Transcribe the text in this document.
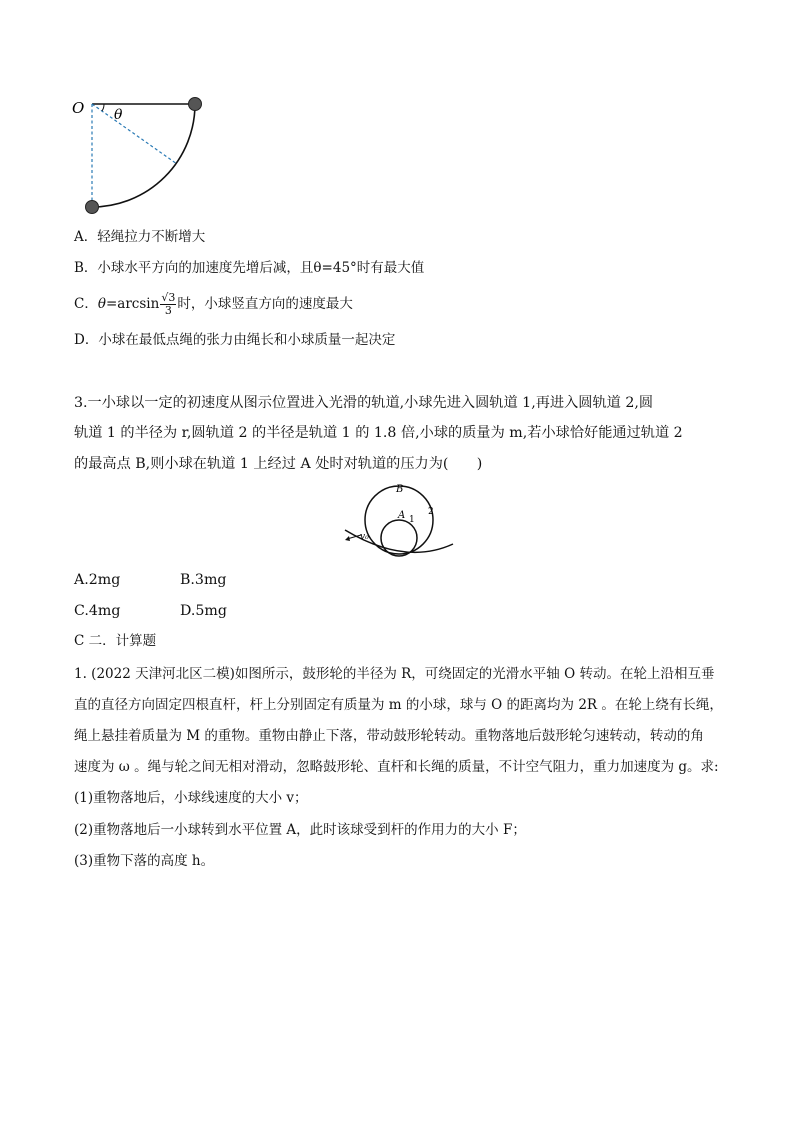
O θ
A．轻绳拉力不断增大
B．小球水平方向的加速度先增后减，且θ=45°时有最大值
C．$\theta=\arcsin \frac{√3}{3}$ 时，小球竖直方向的速度最大
D．小球在最低点绳的张力由绳长和小球质量一起决定
3.一小球以一定的初速度从图示位置进入光滑的轨道,小球先进入圆轨道 1,再进入圆轨道 2,圆
轨道 1 的半径为 r,圆轨道 2 的半径是轨道 1 的 1.8 倍,小球的质量为 m,若小球恰好能通过轨道 2
的最高点 B,则小球在轨道 1 上经过 A 处时对轨道的压力为(　　)
B
A 1
2
v₀
A.2mg	B.3mg
C.4mg	D.5mg
C 二．计算题
1. (2022 天津河北区二模)如图所示，鼓形轮的半径为 R，可绕固定的光滑水平轴 O 转动。在轮上沿相互垂
直的直径方向固定四根直杆，杆上分别固定有质量为 m 的小球，球与 O 的距离均为 2R 。在轮上绕有长绳，
绳上悬挂着质量为 M 的重物。重物由静止下落，带动鼓形轮转动。重物落地后鼓形轮匀速转动，转动的角
速度为 ω 。绳与轮之间无相对滑动，忽略鼓形轮、直杆和长绳的质量，不计空气阻力，重力加速度为 g。求:
(1)重物落地后，小球线速度的大小 v；
(2)重物落地后一小球转到水平位置 A，此时该球受到杆的作用力的大小 F；
(3)重物下落的高度 h。
